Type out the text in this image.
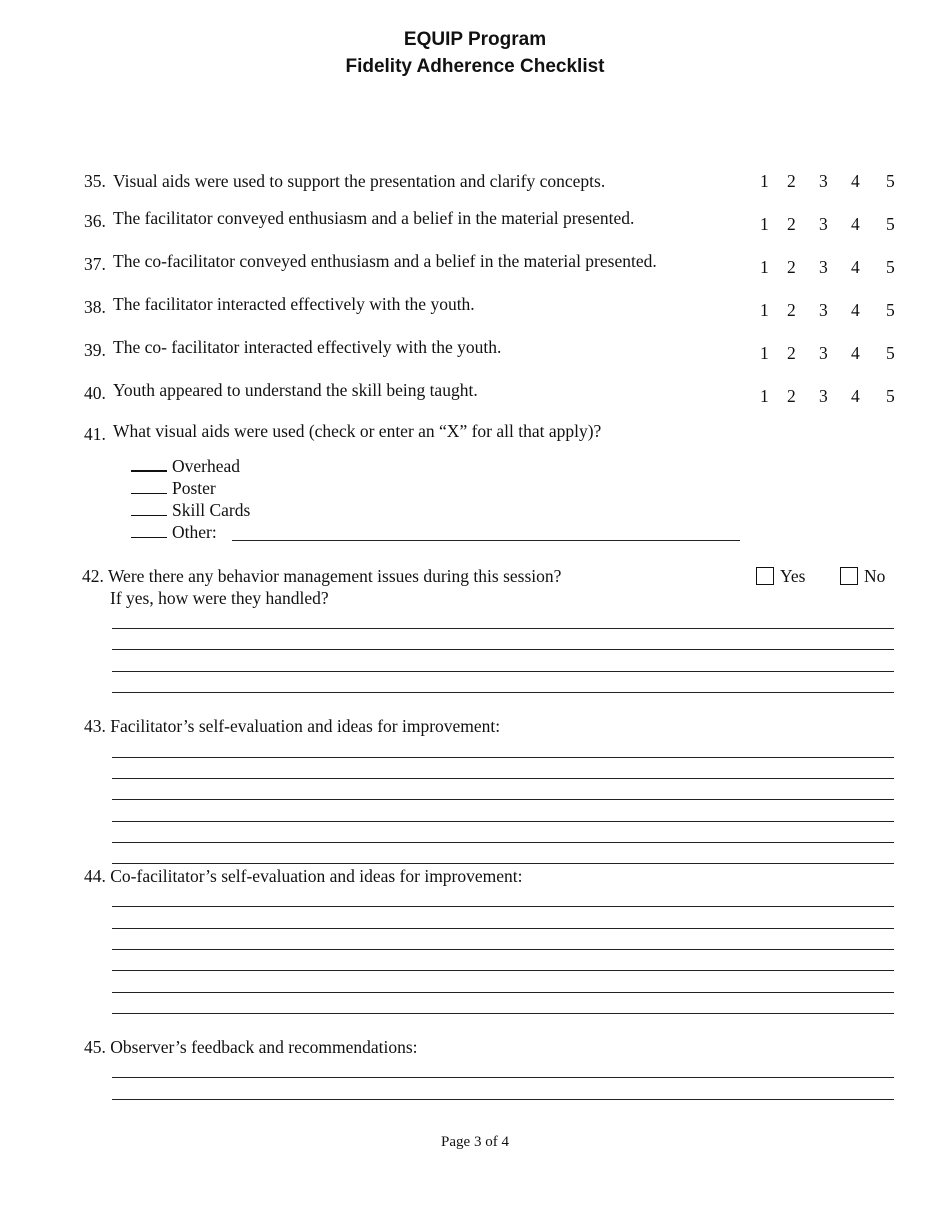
EQUIP Program
Fidelity Adherence Checklist
35. Visual aids were used to support the presentation and clarify concepts.	1 2 3 4 5
36. The facilitator conveyed enthusiasm and a belief in the material presented.	1 2 3 4 5
37. The co-facilitator conveyed enthusiasm and a belief in the material presented.	1 2 3 4 5
38. The facilitator interacted effectively with the youth.	1 2 3 4 5
39. The co- facilitator interacted effectively with the youth.	1 2 3 4 5
40. Youth appeared to understand the skill being taught.	1 2 3 4 5
41. What visual aids were used (check or enter an “X” for all that apply)?
Overhead
Poster
Skill Cards
Other:
42. Were there any behavior management issues during this session?
If yes, how were they handled?
Yes	No
43. Facilitator’s self-evaluation and ideas for improvement:
44. Co-facilitator’s self-evaluation and ideas for improvement:
45. Observer’s feedback and recommendations:
Page 3 of 4
